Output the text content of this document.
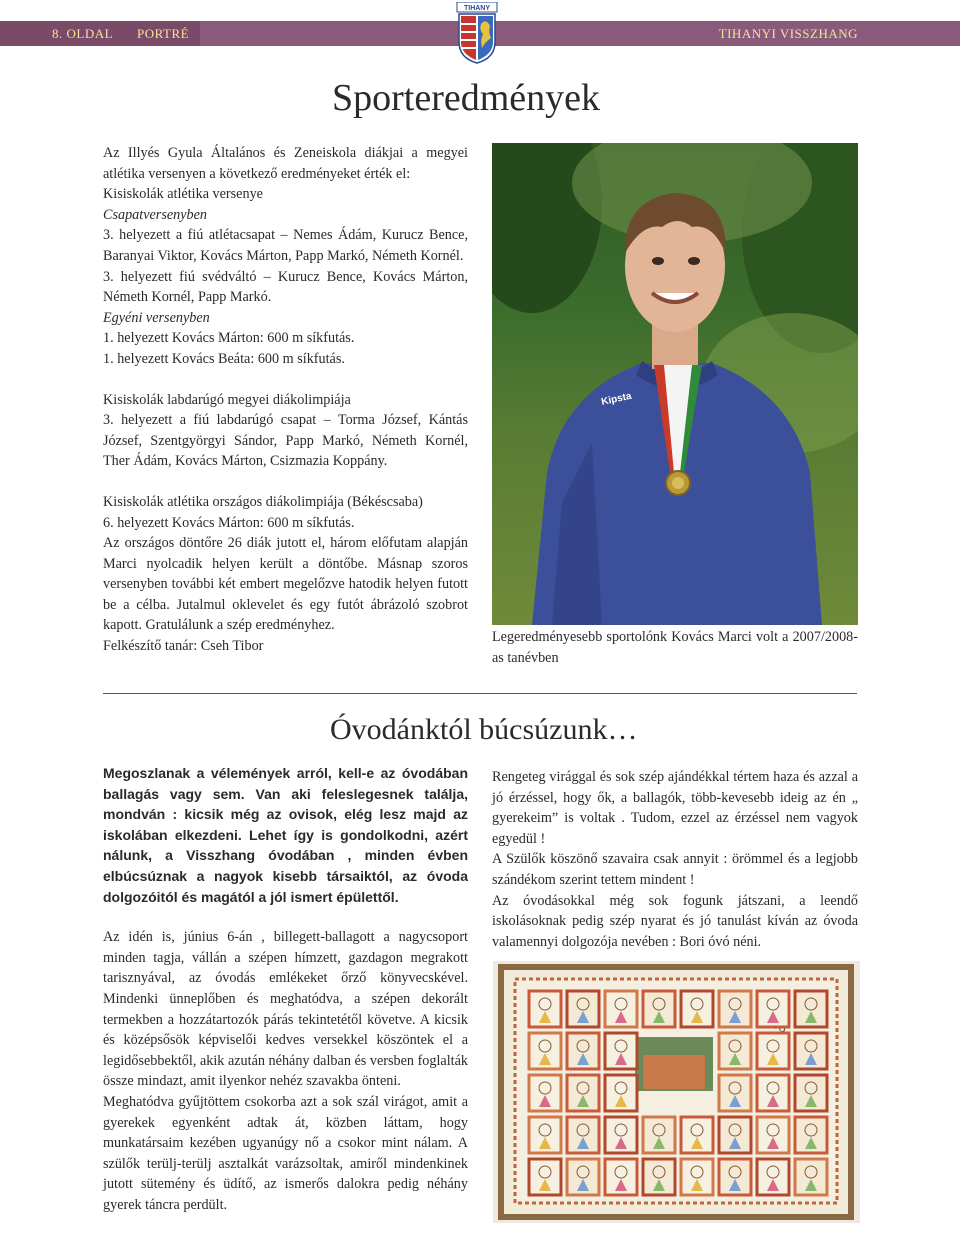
8. OLDAL PORTRÉ	TIHANYI VISSZHANG
TIHANY
Sporteredmények

Az Illyés Gyula Általános és Zeneiskola diákjai a megyei atlétika versenyen a következő eredményeket érték el:

Kisiskolák atlétika versenye

Csapatversenyben

3. helyezett a fiú atlétacsapat – Nemes Ádám, Kurucz Bence, Baranyai Viktor, Kovács Márton, Papp Markó, Németh Kornél.

3. helyezett fiú svédváltó – Kurucz Bence, Kovács Márton, Németh Kornél, Papp Markó.

Egyéni versenyben

1. helyezett Kovács Márton: 600 m síkfutás.

1. helyezett Kovács Beáta: 600 m síkfutás.

Kisiskolák labdarúgó megyei diákolimpiája

3. helyezett a fiú labdarúgó csapat – Torma József, Kántás József, Szentgyörgyi Sándor, Papp Markó, Németh Kornél, Ther Ádám, Kovács Márton, Csizmazia Koppány.

Kisiskolák atlétika országos diákolimpiája (Békéscsaba)

6. helyezett Kovács Márton: 600 m síkfutás.

Az országos döntőre 26 diák jutott el, három előfutam alapján Marci nyolcadik helyen került a döntőbe. Másnap szoros versenyben további két embert megelőzve hatodik helyen futott be a célba. Jutalmul oklevelet és egy futót ábrázoló szobrot kapott. Gratulálunk a szép eredményhez.

Felkészítő tanár: Cseh Tibor

Kipsta
Legeredményesebb sportolónk Kovács Marci volt a 2007/2008-as tanévben
Óvodánktól búcsúzunk…

Megoszlanak a vélemények arról, kell-e az óvodában ballagás vagy sem. Van aki feleslegesnek találja, mondván : kicsik még az ovisok, elég lesz majd az iskolában elkezdeni. Lehet így is gondolkodni, azért nálunk, a Visszhang óvodában , minden évben elbúcsúznak a nagyok kisebb társaiktól, az óvoda dolgozóitól és magától a jól ismert épülettől.

Az idén is, június 6-án , billegett-ballagott a nagycsoport minden tagja, vállán a szépen hímzett, gazdagon megrakott tarisznyával, az óvodás emlékeket őrző könyvecskével. Mindenki ünneplőben és meghatódva, a szépen dekorált termekben a hozzátartozók párás tekintetétől követve. A kicsik és középsősök képviselői kedves versekkel köszöntek el a legidősebbektől, akik azután néhány dalban és versben foglalták össze mindazt, amit ilyenkor nehéz szavakba önteni.

Meghatódva gyűjtöttem csokorba azt a sok szál virágot, amit a gyerekek egyenként adtak át, közben láttam, hogy munkatársaim kezében ugyanúgy nő a csokor mint nálam. A szülők terülj-terülj asztalkát varázsoltak, amiről mindenkinek jutott sütemény és üdítő, az ismerős dalokra pedig néhány gyerek táncra perdült.

Rengeteg virággal és sok szép ajándékkal tértem haza és azzal a jó érzéssel, hogy ők, a ballagók, több-kevesebb ideig az én „ gyerekeim” is voltak . Tudom, ezzel az érzéssel nem vagyok egyedül !

A Szülők köszönő szavaira csak annyit : örömmel és a legjobb szándékom szerint tettem mindent !

Az óvodásokkal még sok fogunk játszani, a leendő iskolásoknak pedig szép nyarat és jó tanulást kíván az óvoda valamennyi dolgozója nevében : Bori óvó néni.
